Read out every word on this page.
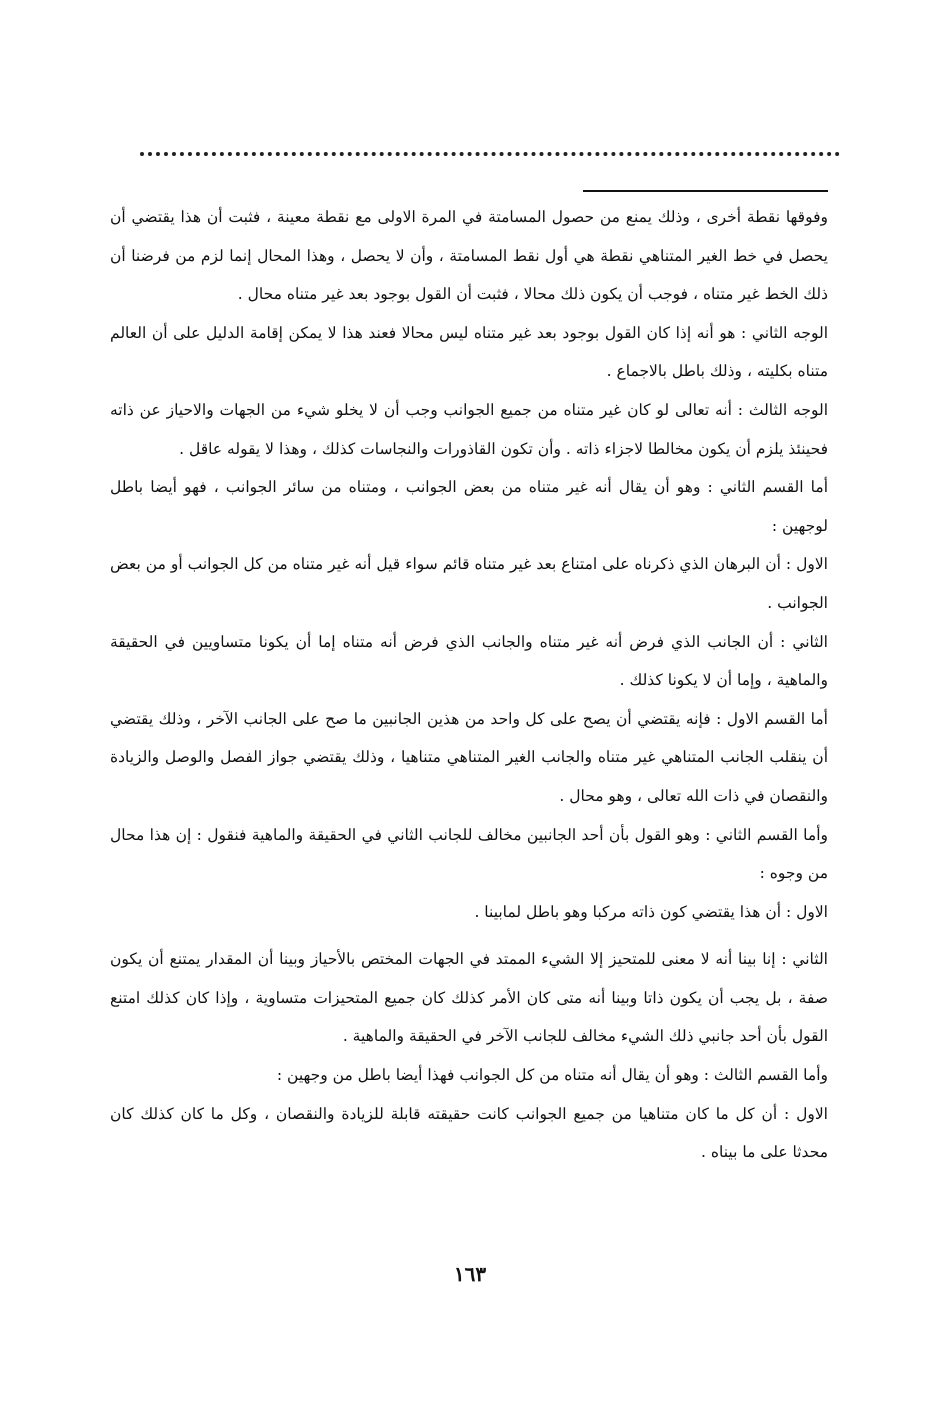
وفوقها نقطة أخرى ، وذلك يمنع من حصول المسامتة في المرة الاولى مع نقطة معينة ، فثبت أن هذا يقتضي أن يحصل في خط الغير المتناهي نقطة هي أول نقط المسامتة ، وأن لا يحصل ، وهذا المحال إنما لزم من فرضنا أن ذلك الخط غير متناه ، فوجب أن يكون ذلك محالا ، فثبت أن القول بوجود بعد غير متناه محال .

الوجه الثاني : هو أنه إذا كان القول بوجود بعد غير متناه ليس محالا فعند هذا لا يمكن إقامة الدليل على أن العالم متناه بكليته ، وذلك باطل بالاجماع .

الوجه الثالث : أنه تعالى لو كان غير متناه من جميع الجوانب وجب أن لا يخلو شيء من الجهات والاحياز عن ذاته فحينئذ يلزم أن يكون مخالطا لاجزاء ذاته . وأن تكون القاذورات والنجاسات كذلك ، وهذا لا يقوله عاقل .

أما القسم الثاني : وهو أن يقال أنه غير متناه من بعض الجوانب ، ومتناه من سائر الجوانب ، فهو أيضا باطل لوجهين :

الاول : أن البرهان الذي ذكرناه على امتناع بعد غير متناه قائم سواء قيل أنه غير متناه من كل الجوانب أو من بعض الجوانب .

الثاني : أن الجانب الذي فرض أنه غير متناه والجانب الذي فرض أنه متناه إما أن يكونا متساويين في الحقيقة والماهية ، وإما أن لا يكونا كذلك .

أما القسم الاول : فإنه يقتضي أن يصح على كل واحد من هذين الجانبين ما صح على الجانب الآخر ، وذلك يقتضي أن ينقلب الجانب المتناهي غير متناه والجانب الغير المتناهي متناهيا ، وذلك يقتضي جواز الفصل والوصل والزيادة والنقصان في ذات الله تعالى ، وهو محال .

وأما القسم الثاني : وهو القول بأن أحد الجانبين مخالف للجانب الثاني في الحقيقة والماهية فنقول : إن هذا محال من وجوه :

الاول : أن هذا يقتضي كون ذاته مركبا وهو باطل لمابينا .

الثاني : إنا بينا أنه لا معنى للمتحيز إلا الشيء الممتد في الجهات المختص بالأحياز وبينا أن المقدار يمتنع أن يكون صفة ، بل يجب أن يكون ذاتا وبينا أنه متى كان الأمر كذلك كان جميع المتحيزات متساوية ، وإذا كان كذلك امتنع القول بأن أحد جانبي ذلك الشيء مخالف للجانب الآخر في الحقيقة والماهية .

وأما القسم الثالث : وهو أن يقال أنه متناه من كل الجوانب فهذا أيضا باطل من وجهين :

الاول : أن كل ما كان متناهيا من جميع الجوانب كانت حقيقته قابلة للزيادة والنقصان ، وكل ما كان كذلك كان محدثا على ما بيناه .

١٦٣
